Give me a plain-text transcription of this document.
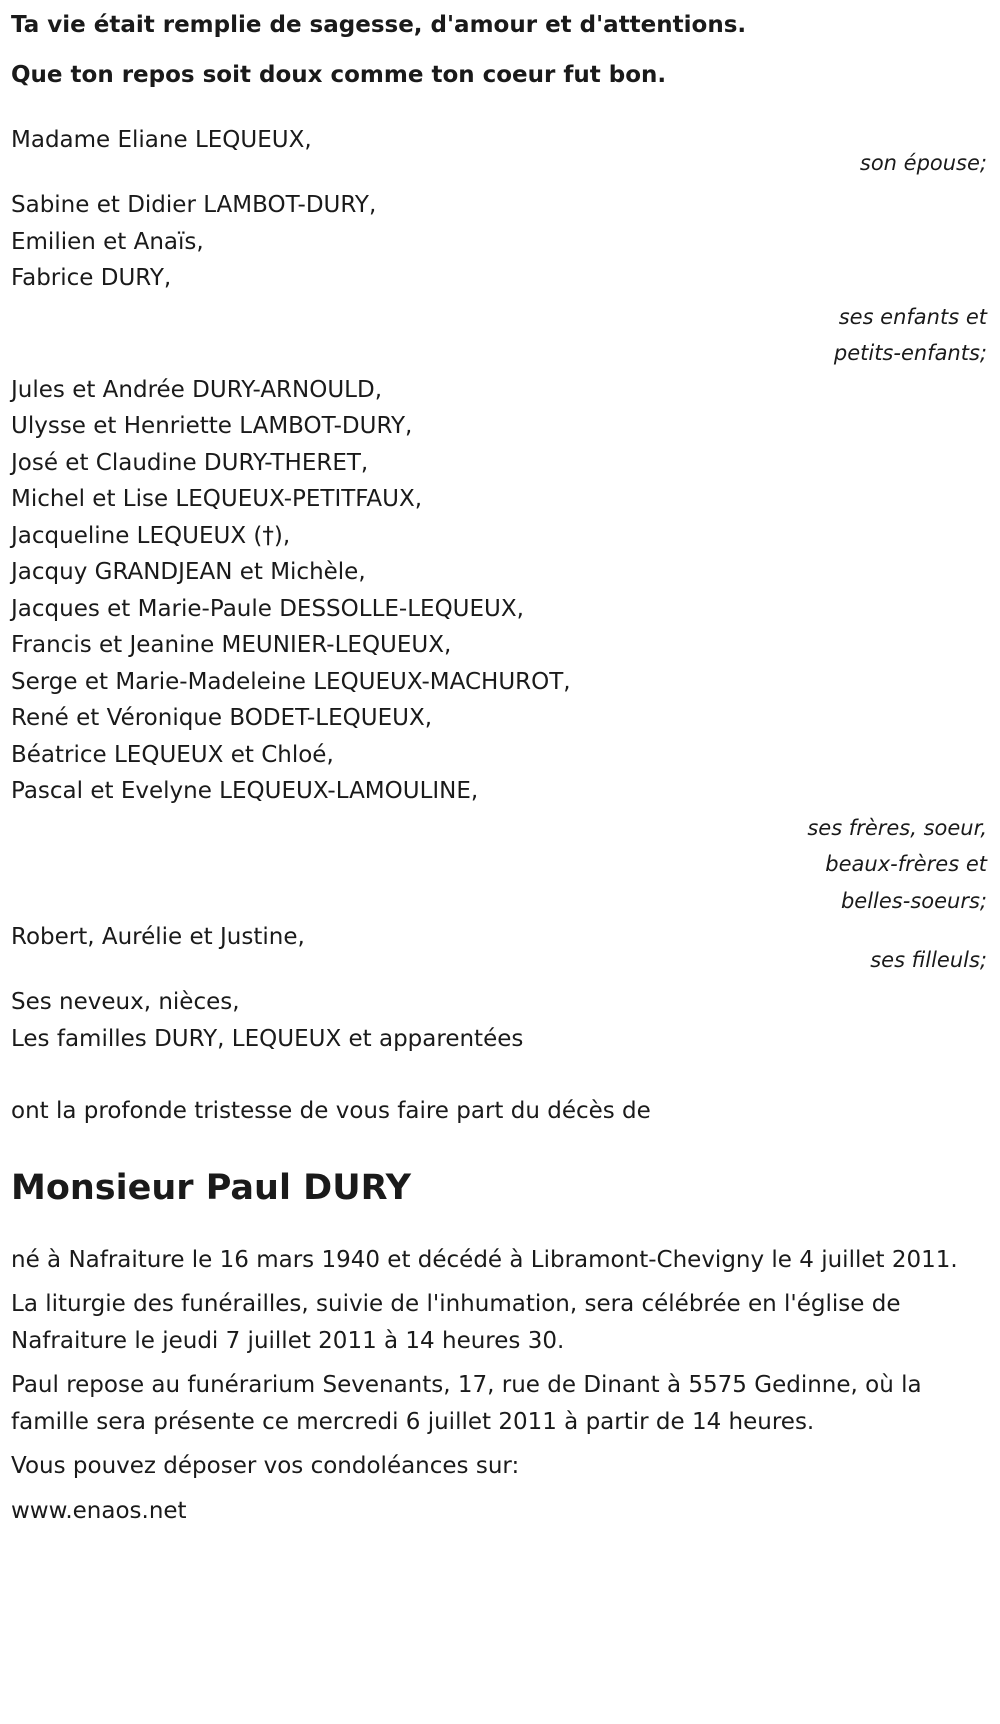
Ta vie était remplie de sagesse, d'amour et d'attentions.

Que ton repos soit doux comme ton coeur fut bon.

Madame Eliane LEQUEUX,

son épouse;

Sabine et Didier LAMBOT-DURY,

Emilien et Anaïs,

Fabrice DURY,

ses enfants et

petits-enfants;

Jules et Andrée DURY-ARNOULD,

Ulysse et Henriette LAMBOT-DURY,

José et Claudine DURY-THERET,

Michel et Lise LEQUEUX-PETITFAUX,

Jacqueline LEQUEUX (†),

Jacquy GRANDJEAN et Michèle,

Jacques et Marie-Paule DESSOLLE-LEQUEUX,

Francis et Jeanine MEUNIER-LEQUEUX,

Serge et Marie-Madeleine LEQUEUX-MACHUROT,

René et Véronique BODET-LEQUEUX,

Béatrice LEQUEUX et Chloé,

Pascal et Evelyne LEQUEUX-LAMOULINE,

ses frères, soeur,

beaux-frères et

belles-soeurs;

Robert, Aurélie et Justine,

ses filleuls;

Ses neveux, nièces,

Les familles DURY, LEQUEUX et apparentées

ont la profonde tristesse de vous faire part du décès de

Monsieur Paul DURY

né à Nafraiture le 16 mars 1940 et décédé à Libramont-Chevigny le 4 juillet 2011.

La liturgie des funérailles, suivie de l'inhumation, sera célébrée en l'église de Nafraiture le jeudi 7 juillet 2011 à 14 heures 30.

Paul repose au funérarium Sevenants, 17, rue de Dinant à 5575 Gedinne, où la famille sera présente ce mercredi 6 juillet 2011 à partir de 14 heures.

Vous pouvez déposer vos condoléances sur:

www.enaos.net
